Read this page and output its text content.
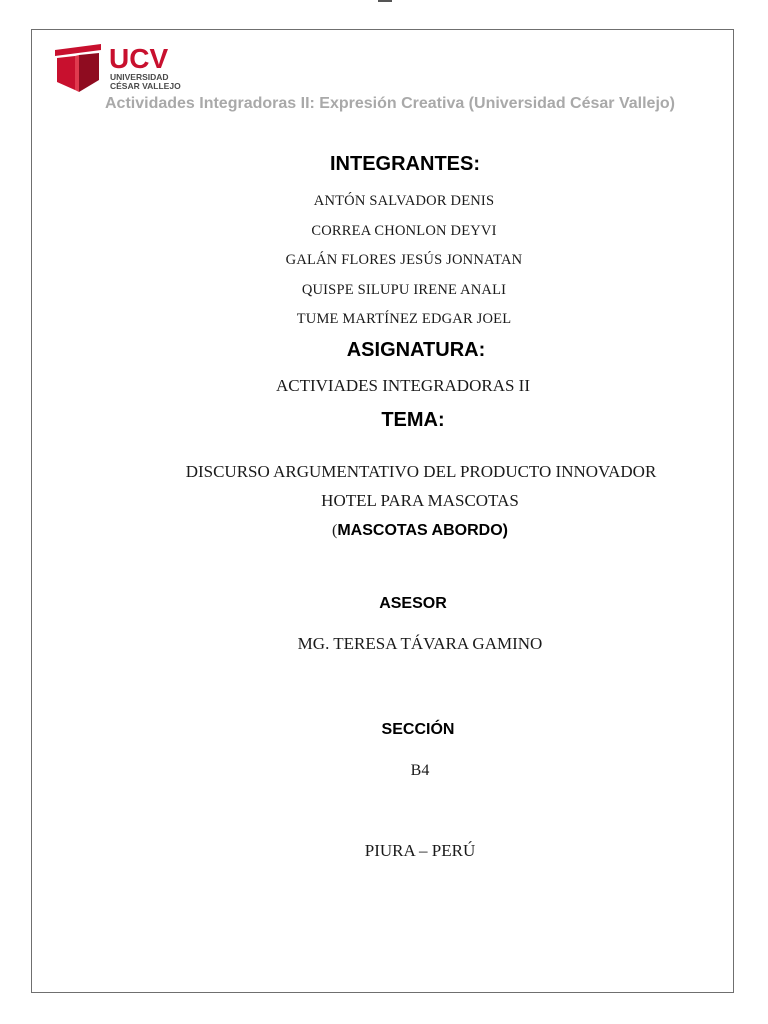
UCV
UNIVERSIDAD
CÉSAR VALLEJO
Actividades Integradoras II: Expresión Creativa (Universidad César Vallejo)
INTEGRANTES:
ANTÓN SALVADOR DENIS
CORREA CHONLON DEYVI
GALÁN FLORES JESÚS JONNATAN
QUISPE SILUPU IRENE ANALI
TUME MARTÍNEZ EDGAR JOEL
ASIGNATURA:
ACTIVIADES INTEGRADORAS II
TEMA:
DISCURSO ARGUMENTATIVO DEL PRODUCTO INNOVADOR
HOTEL PARA MASCOTAS
(MASCOTAS ABORDO)
ASESOR
MG. TERESA TÁVARA GAMINO
SECCIÓN
B4
PIURA – PERÚ
